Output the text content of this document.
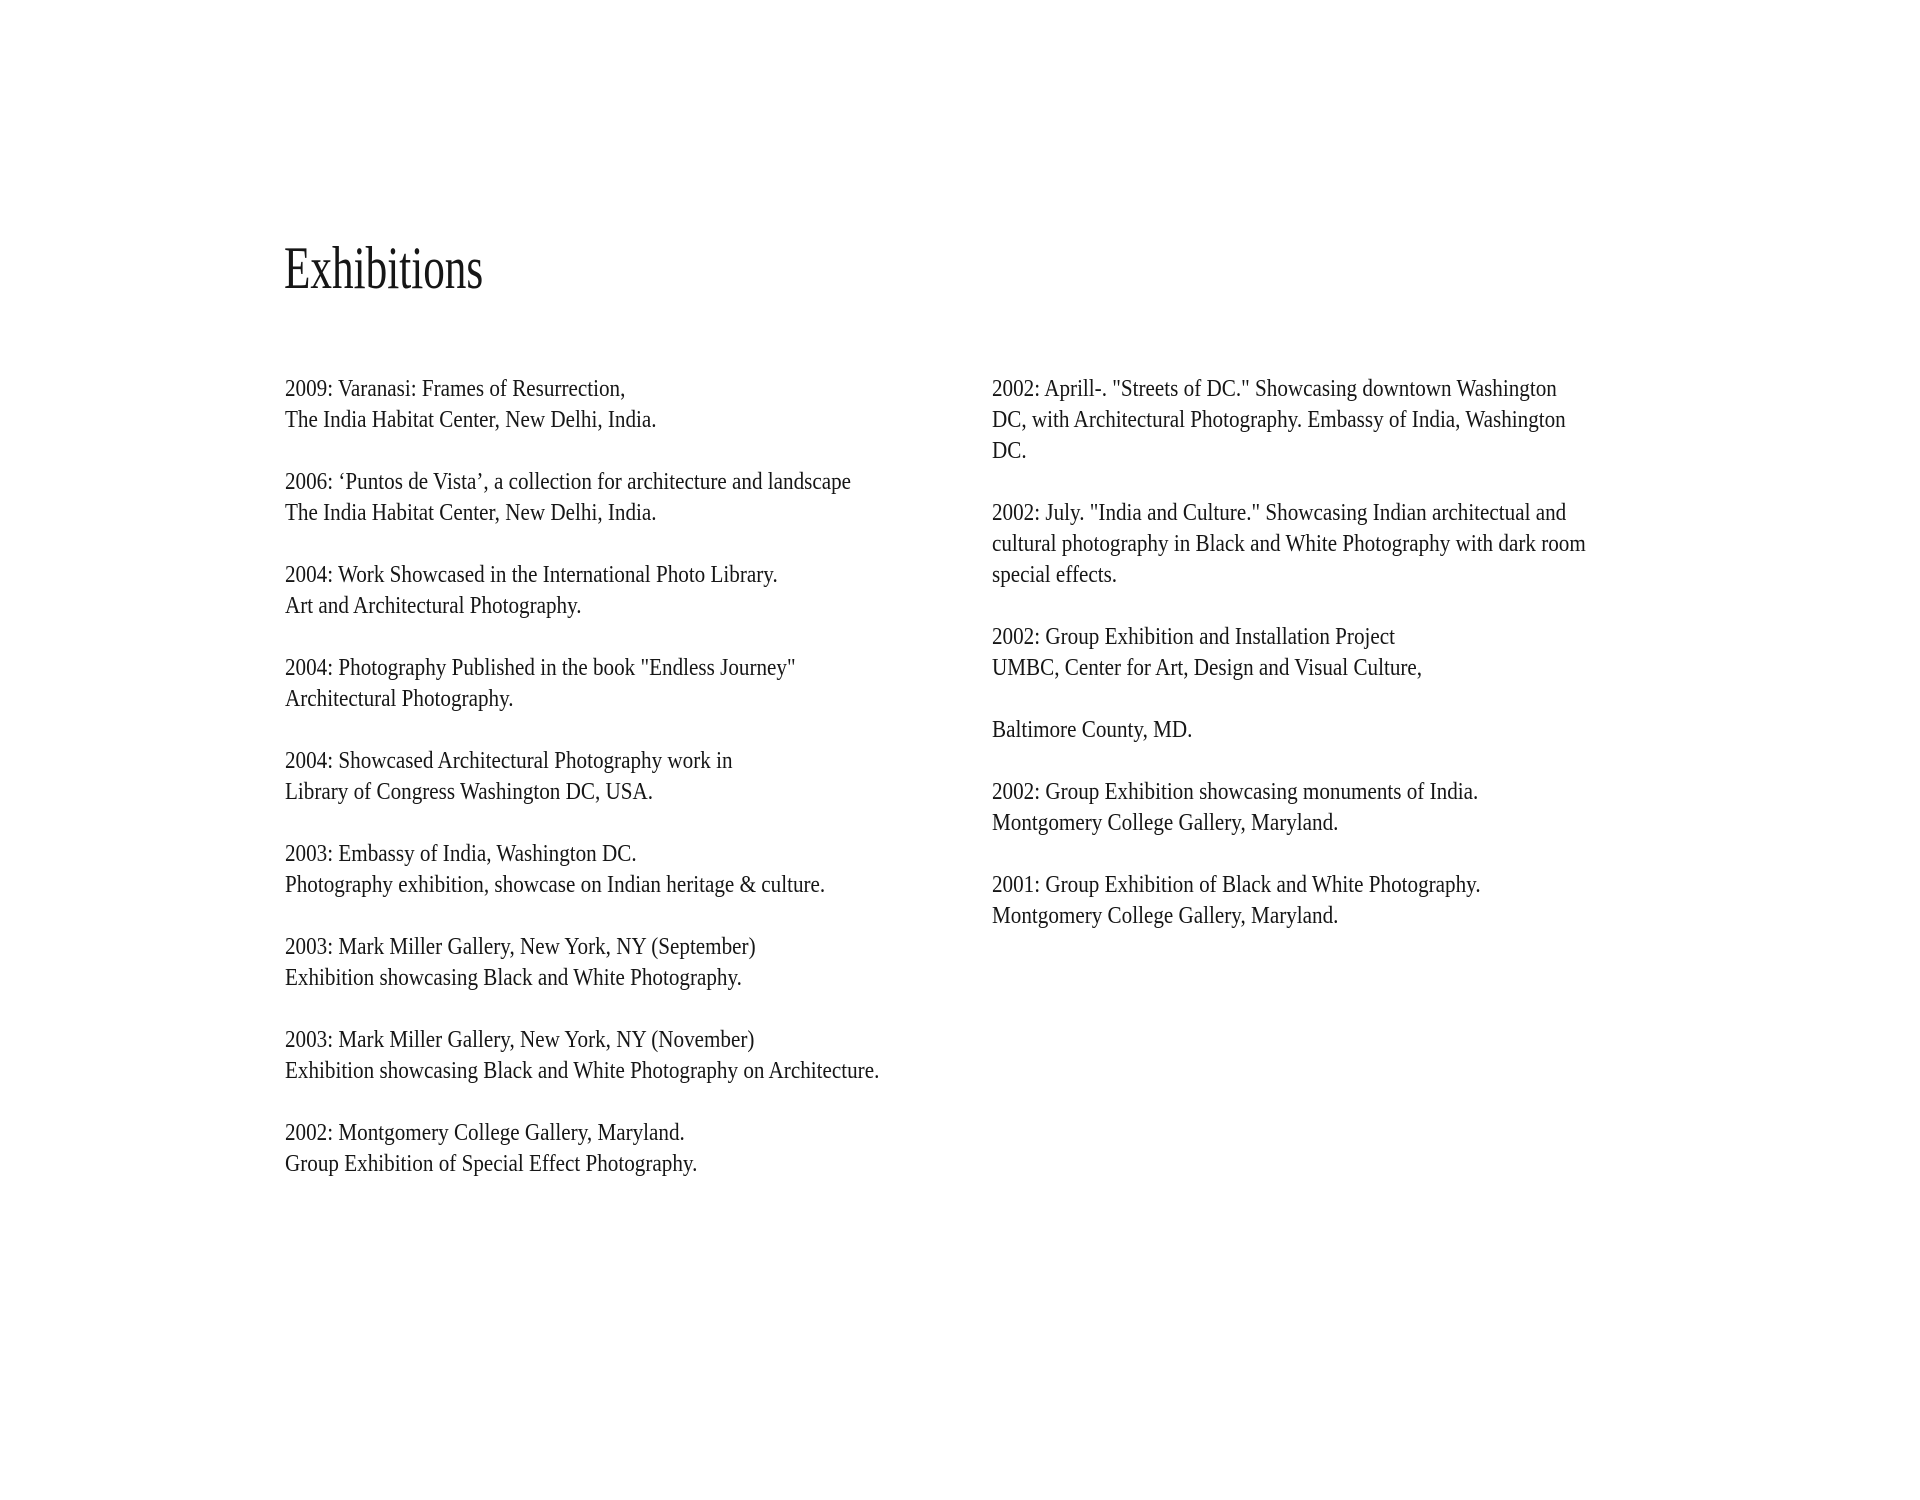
Exhibitions

2009: Varanasi: Frames of Resurrection,
The India Habitat Center, New Delhi, India.

2006: ‘Puntos de Vista’, a collection for architecture and landscape
The India Habitat Center, New Delhi, India.

2004: Work Showcased in the International Photo Library.
Art and Architectural Photography.

2004: Photography Published in the book "Endless Journey"
Architectural Photography.

2004: Showcased Architectural Photography work in
Library of Congress Washington DC, USA.

2003: Embassy of India, Washington DC.
Photography exhibition, showcase on Indian heritage & culture.

2003: Mark Miller Gallery, New York, NY (September)
Exhibition showcasing Black and White Photography.

2003: Mark Miller Gallery, New York, NY (November)
Exhibition showcasing Black and White Photography on Architecture.

2002: Montgomery College Gallery, Maryland.
Group Exhibition of Special Effect Photography.

2002: Aprill-. "Streets of DC." Showcasing downtown Washington
DC, with Architectural Photography. Embassy of India, Washington
DC.

2002: July. "India and Culture." Showcasing Indian architectual and
cultural photography in Black and White Photography with dark room
special effects.

2002: Group Exhibition and Installation Project
UMBC, Center for Art, Design and Visual Culture,

Baltimore County, MD.

2002: Group Exhibition showcasing monuments of India.
Montgomery College Gallery, Maryland.

2001: Group Exhibition of Black and White Photography.
Montgomery College Gallery, Maryland.
